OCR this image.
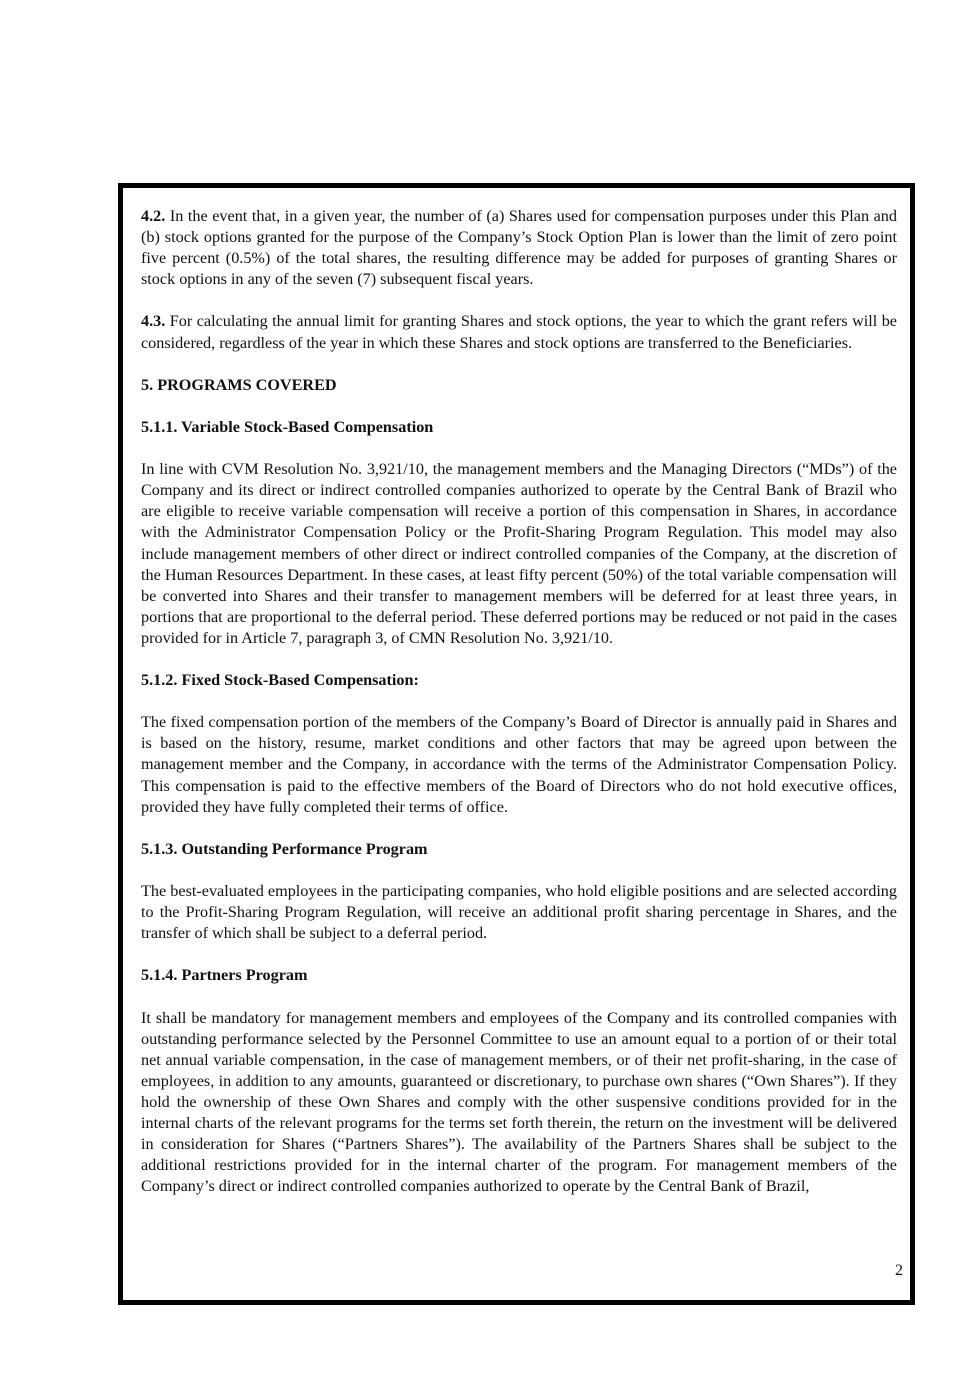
4.2. In the event that, in a given year, the number of (a) Shares used for compensation purposes under this Plan and (b) stock options granted for the purpose of the Company’s Stock Option Plan is lower than the limit of zero point five percent (0.5%) of the total shares, the resulting difference may be added for purposes of granting Shares or stock options in any of the seven (7) subsequent fiscal years.

4.3. For calculating the annual limit for granting Shares and stock options, the year to which the grant refers will be considered, regardless of the year in which these Shares and stock options are transferred to the Beneficiaries.

5. PROGRAMS COVERED

5.1.1. Variable Stock-Based Compensation

In line with CVM Resolution No. 3,921/10, the management members and the Managing Directors (“MDs”) of the Company and its direct or indirect controlled companies authorized to operate by the Central Bank of Brazil who are eligible to receive variable compensation will receive a portion of this compensation in Shares, in accordance with the Administrator Compensation Policy or the Profit-Sharing Program Regulation. This model may also include management members of other direct or indirect controlled companies of the Company, at the discretion of the Human Resources Department. In these cases, at least fifty percent (50%) of the total variable compensation will be converted into Shares and their transfer to management members will be deferred for at least three years, in portions that are proportional to the deferral period. These deferred portions may be reduced or not paid in the cases provided for in Article 7, paragraph 3, of CMN Resolution No. 3,921/10.

5.1.2. Fixed Stock-Based Compensation:

The fixed compensation portion of the members of the Company’s Board of Director is annually paid in Shares and is based on the history, resume, market conditions and other factors that may be agreed upon between the management member and the Company, in accordance with the terms of the Administrator Compensation Policy. This compensation is paid to the effective members of the Board of Directors who do not hold executive offices, provided they have fully completed their terms of office.

5.1.3. Outstanding Performance Program

The best-evaluated employees in the participating companies, who hold eligible positions and are selected according to the Profit-Sharing Program Regulation, will receive an additional profit sharing percentage in Shares, and the transfer of which shall be subject to a deferral period.

5.1.4. Partners Program

It shall be mandatory for management members and employees of the Company and its controlled companies with outstanding performance selected by the Personnel Committee to use an amount equal to a portion of or their total net annual variable compensation, in the case of management members, or of their net profit-sharing, in the case of employees, in addition to any amounts, guaranteed or discretionary, to purchase own shares (“Own Shares”). If they hold the ownership of these Own Shares and comply with the other suspensive conditions provided for in the internal charts of the relevant programs for the terms set forth therein, the return on the investment will be delivered in consideration for Shares (“Partners Shares”). The availability of the Partners Shares shall be subject to the additional restrictions provided for in the internal charter of the program. For management members of the Company’s direct or indirect controlled companies authorized to operate by the Central Bank of Brazil,

2
